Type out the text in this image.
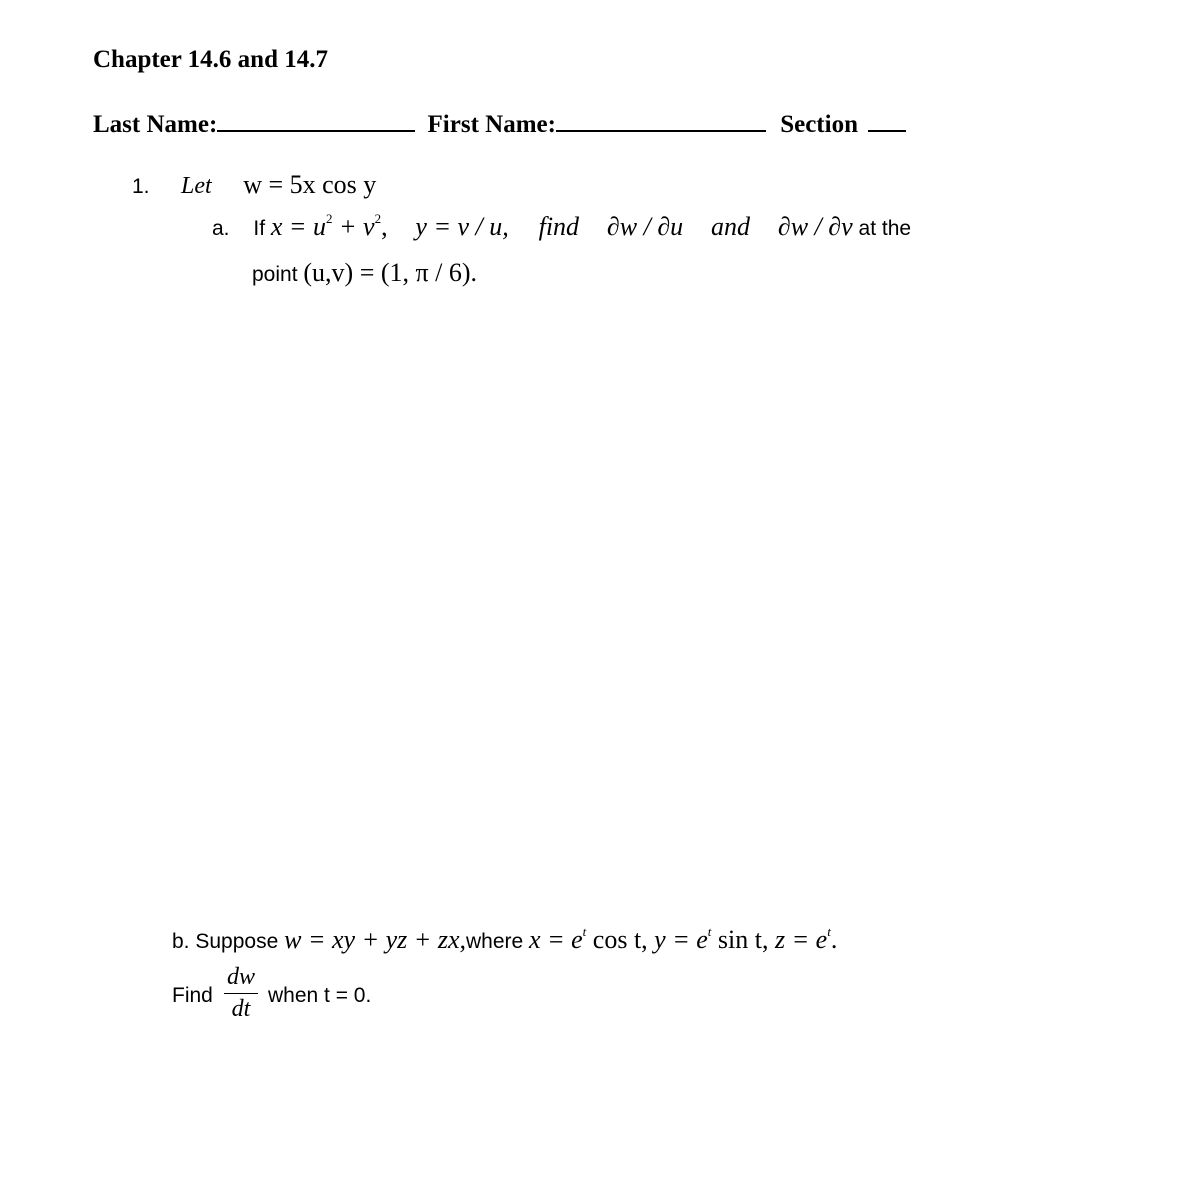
Chapter 14.6 and 14.7
Last Name:	First Name:	Section
1. Let w = 5x cos y
a. If $x = u^2 + v^2$, y = v / u, find ∂w / ∂u and ∂w / ∂v at the
point (u,v) = (1, π / 6).
b. Suppose w = xy + yz + zx,where $x = e^t$ cos t, $y = e^t$ sin t, $z = e^t$.
Find $\frac{dw}{dt}$ when t = 0.
